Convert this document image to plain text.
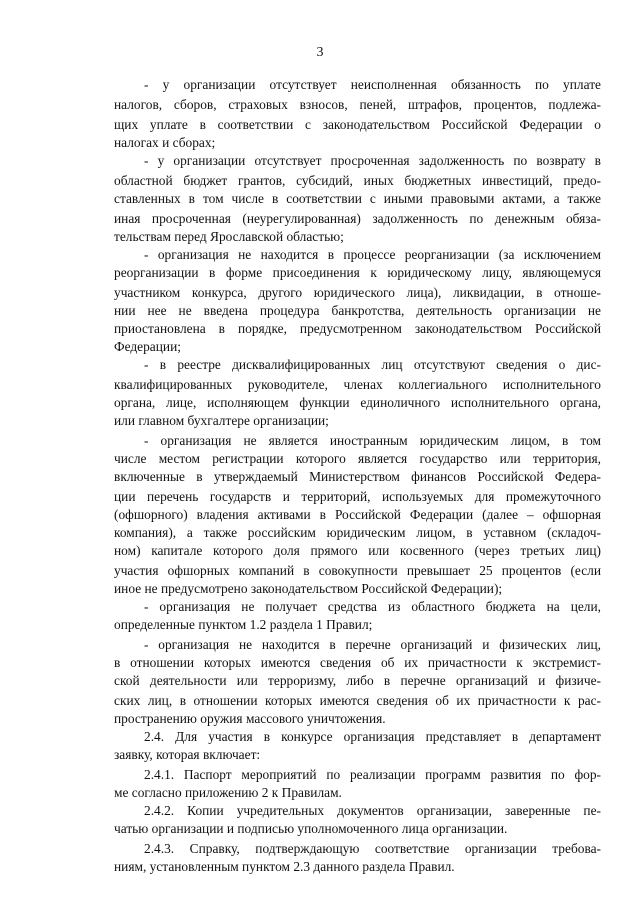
3
- у организации отсутствует неисполненная обязанность по уплате
налогов, сборов, страховых взносов, пеней, штрафов, процентов, подлежа-
щих уплате в соответствии с законодательством Российской Федерации о
налогах и сборах;
- у организации отсутствует просроченная задолженность по возврату в
областной бюджет грантов, субсидий, иных бюджетных инвестиций, предо-
ставленных в том числе в соответствии с иными правовыми актами, а также
иная просроченная (неурегулированная) задолженность по денежным обяза-
тельствам перед Ярославской областью;
- организация не находится в процессе реорганизации (за исключением
реорганизации в форме присоединения к юридическому лицу, являющемуся
участником конкурса, другого юридического лица), ликвидации, в отноше-
нии нее не введена процедура банкротства, деятельность организации не
приостановлена в порядке, предусмотренном законодательством Российской
Федерации;
- в реестре дисквалифицированных лиц отсутствуют сведения о дис-
квалифицированных руководителе, членах коллегиального исполнительного
органа, лице, исполняющем функции единоличного исполнительного органа,
или главном бухгалтере организации;
- организация не является иностранным юридическим лицом, в том
числе местом регистрации которого является государство или территория,
включенные в утверждаемый Министерством финансов Российской Федера-
ции перечень государств и территорий, используемых для промежуточного
(офшорного) владения активами в Российской Федерации (далее – офшорная
компания), а также российским юридическим лицом, в уставном (складоч-
ном) капитале которого доля прямого или косвенного (через третьих лиц)
участия офшорных компаний в совокупности превышает 25 процентов (если
иное не предусмотрено законодательством Российской Федерации);
- организация не получает средства из областного бюджета на цели,
определенные пунктом 1.2 раздела 1 Правил;
- организация не находится в перечне организаций и физических лиц,
в отношении которых имеются сведения об их причастности к экстремист-
ской деятельности или терроризму, либо в перечне организаций и физиче-
ских лиц, в отношении которых имеются сведения об их причастности к рас-
пространению оружия массового уничтожения.
2.4. Для участия в конкурсе организация представляет в департамент
заявку, которая включает:
2.4.1. Паспорт мероприятий по реализации программ развития по фор-
ме согласно приложению 2 к Правилам.
2.4.2. Копии учредительных документов организации, заверенные пе-
чатью организации и подписью уполномоченного лица организации.
2.4.3. Справку, подтверждающую соответствие организации требова-
ниям, установленным пунктом 2.3 данного раздела Правил.
